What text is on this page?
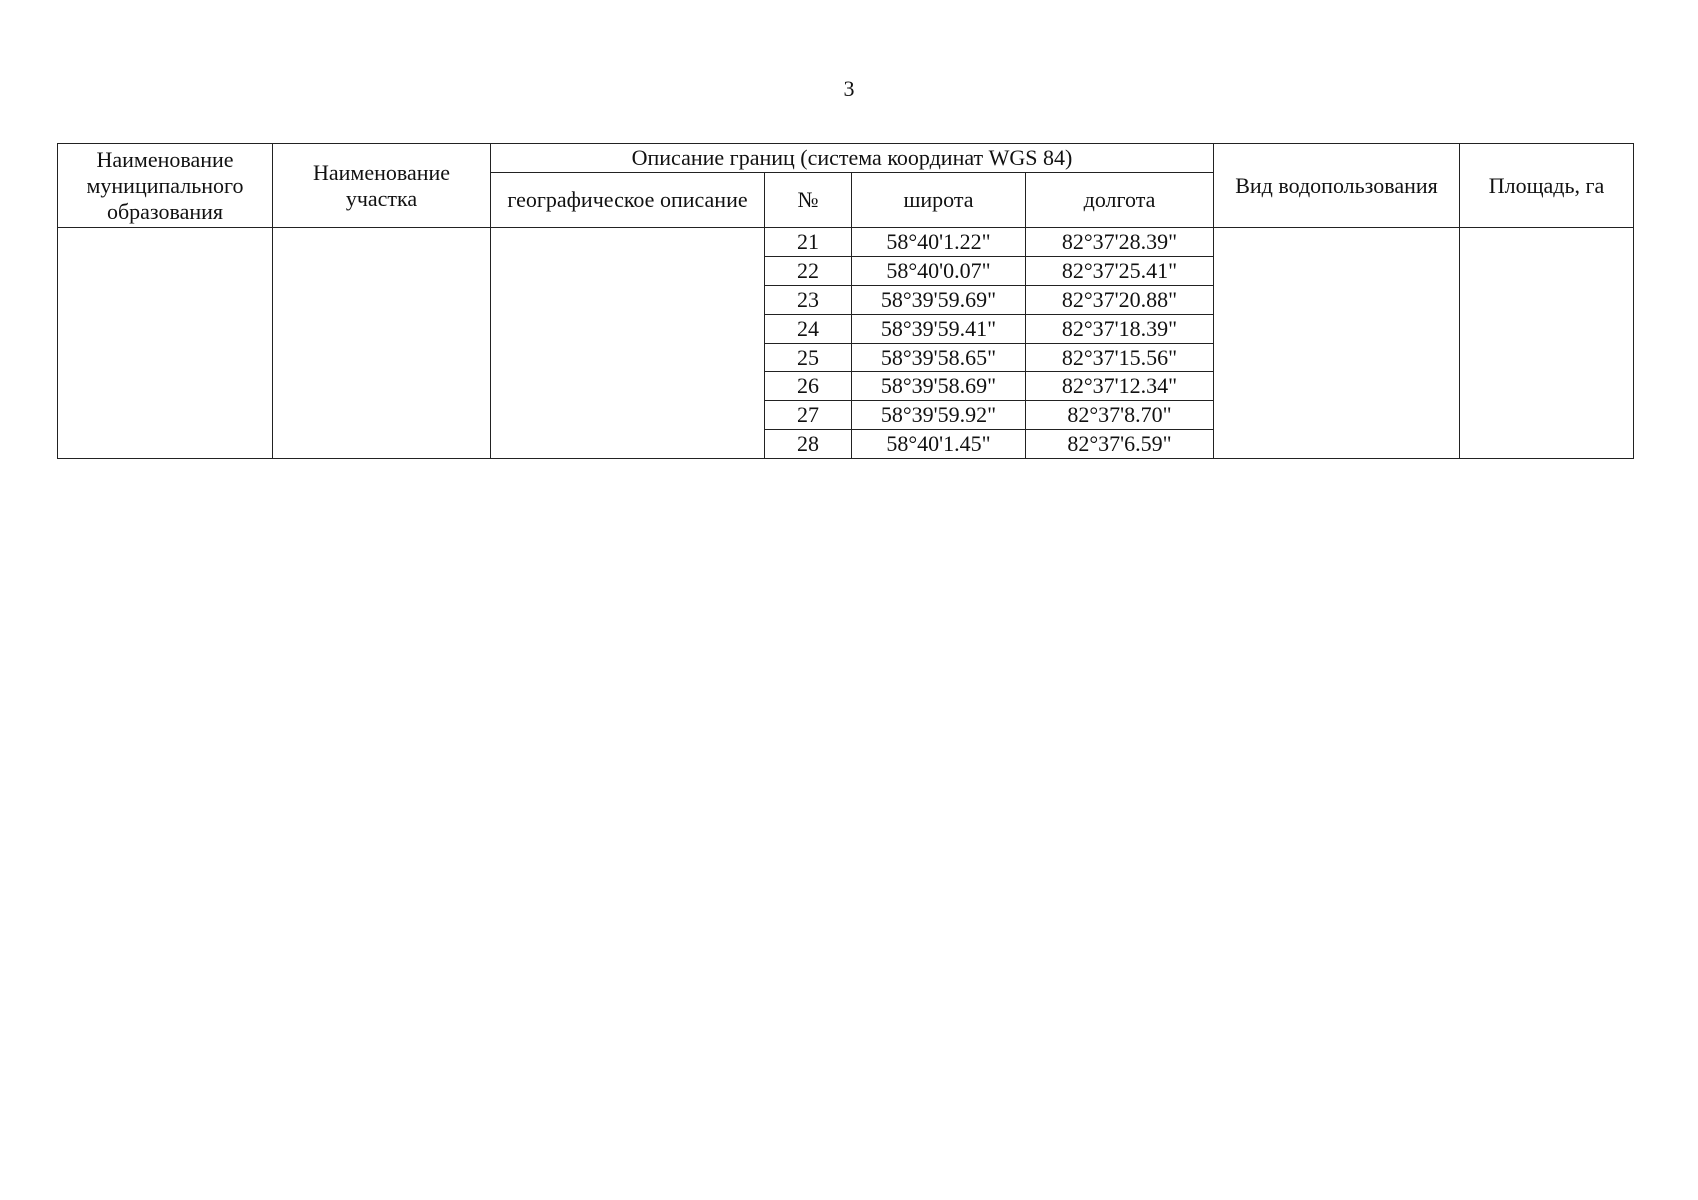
3
Наименование муниципального образования	Наименование участка	Описание границ (система координат WGS 84)				Вид водопользования	Площадь, га
		географическое описание	№	широта	долгота		
			21	58°40'1.22"	82°37'28.39"		
			22	58°40'0.07"	82°37'25.41"		
			23	58°39'59.69"	82°37'20.88"		
			24	58°39'59.41"	82°37'18.39"		
			25	58°39'58.65"	82°37'15.56"		
			26	58°39'58.69"	82°37'12.34"		
			27	58°39'59.92"	82°37'8.70"		
			28	58°40'1.45"	82°37'6.59"		
